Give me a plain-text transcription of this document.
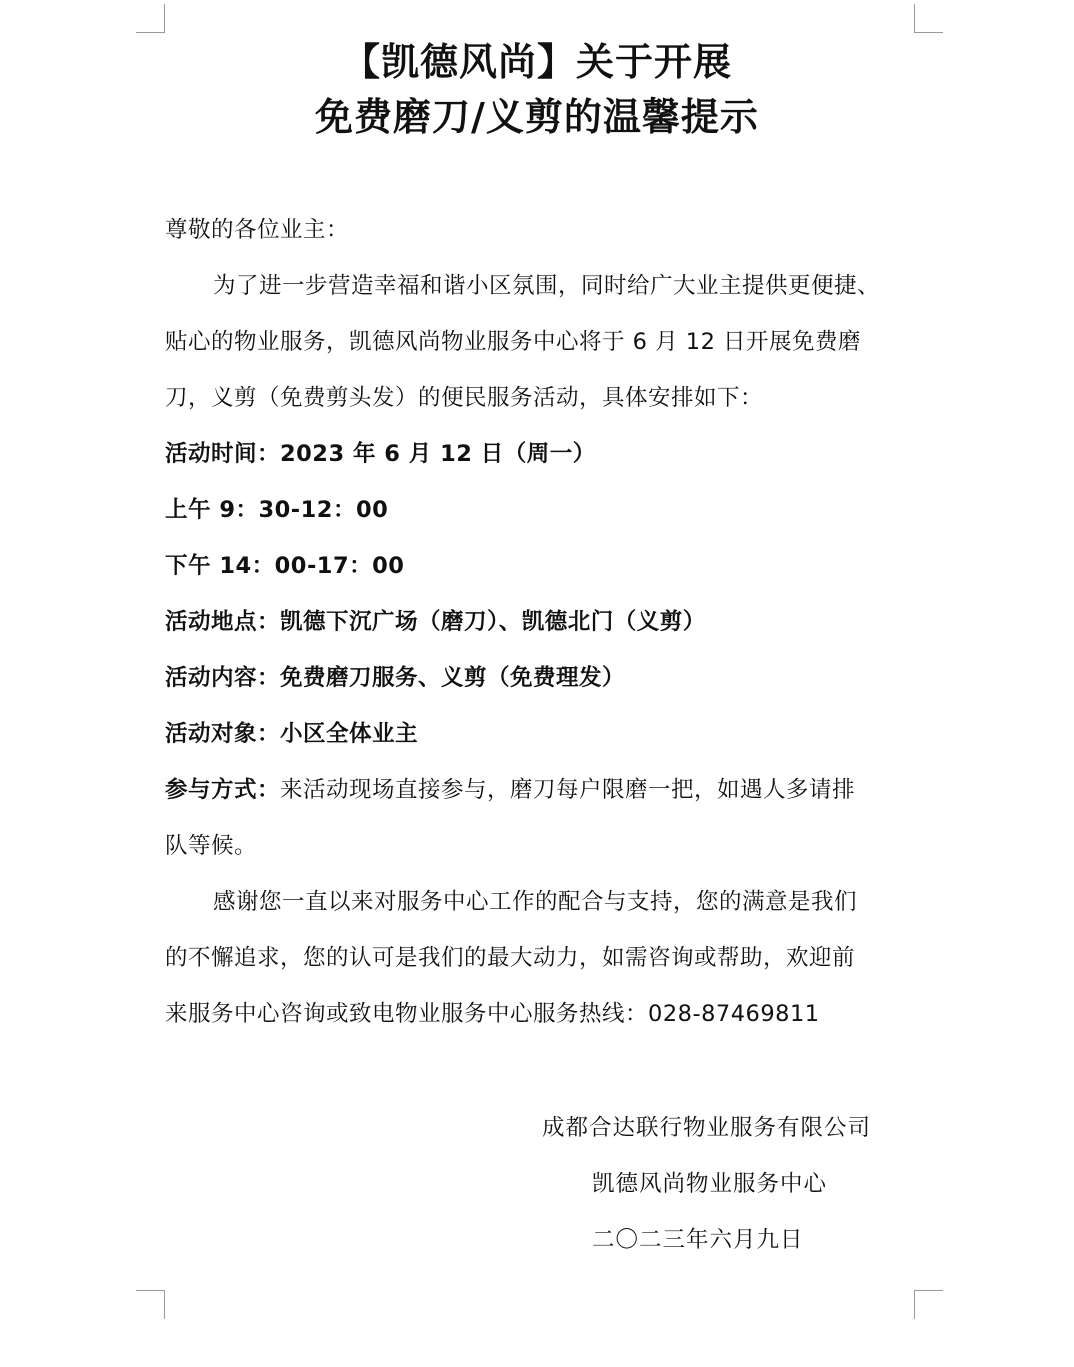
【凯德风尚】关于开展
免费磨刀/义剪的温馨提示
尊敬的各位业主：
为了进一步营造幸福和谐小区氛围，同时给广大业主提供更便捷、
贴心的物业服务，凯德风尚物业服务中心将于 6 月 12 日开展免费磨
刀，义剪（免费剪头发）的便民服务活动，具体安排如下：
活动时间：2023 年 6 月 12 日（周一）
上午 9：30-12：00
下午 14：00-17：00
活动地点：凯德下沉广场（磨刀）、凯德北门（义剪）
活动内容：免费磨刀服务、义剪（免费理发）
活动对象：小区全体业主
参与方式：来活动现场直接参与，磨刀每户限磨一把，如遇人多请排
队等候。
感谢您一直以来对服务中心工作的配合与支持，您的满意是我们
的不懈追求，您的认可是我们的最大动力，如需咨询或帮助，欢迎前
来服务中心咨询或致电物业服务中心服务热线：028-87469811
成都合达联行物业服务有限公司
凯德风尚物业服务中心
二〇二三年六月九日
